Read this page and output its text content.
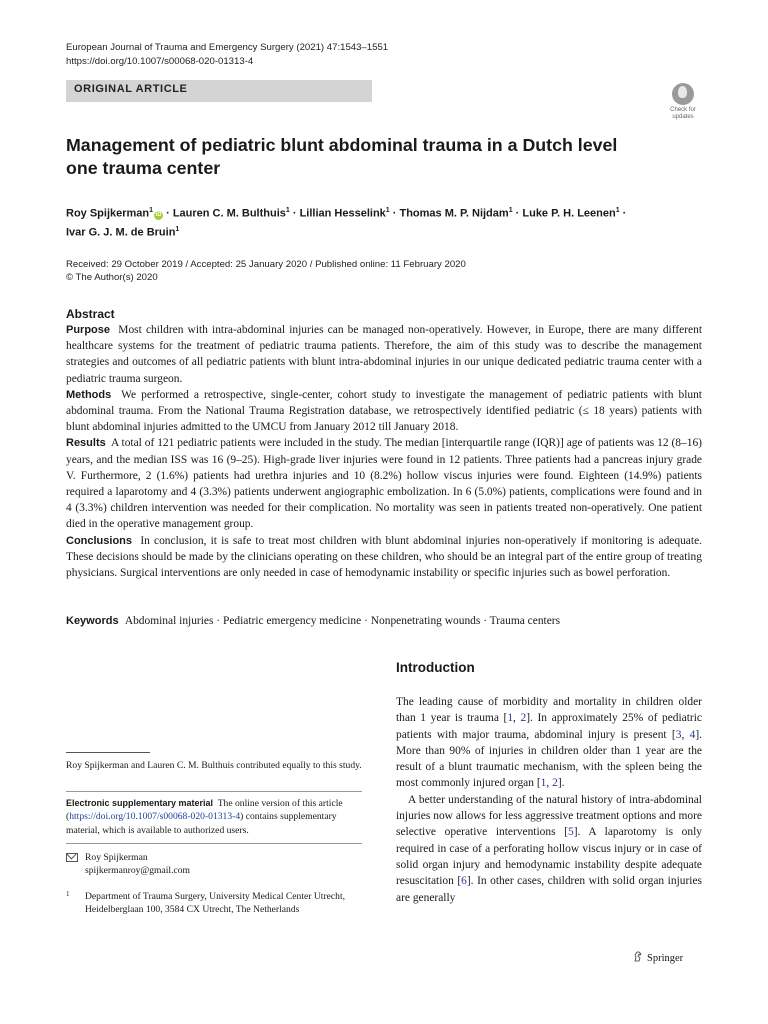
European Journal of Trauma and Emergency Surgery (2021) 47:1543–1551
https://doi.org/10.1007/s00068-020-01313-4
ORIGINAL ARTICLE
Check for
updates
Management of pediatric blunt abdominal trauma in a Dutch level
one trauma center
Roy Spijkerman$^1$iD · Lauren C. M. Bulthuis$^1$ · Lillian Hesselink$^1$ · Thomas M. P. Nijdam$^1$ · Luke P. H. Leenen$^1$ ·
Ivar G. J. M. de Bruin$^1$
Received: 29 October 2019 / Accepted: 25 January 2020 / Published online: 11 February 2020
© The Author(s) 2020
Abstract

Purpose Most children with intra-abdominal injuries can be managed non-operatively. However, in Europe, there are many different healthcare systems for the treatment of pediatric trauma patients. Therefore, the aim of this study was to describe the management strategies and outcomes of all pediatric patients with blunt intra-abdominal injuries in our unique dedicated pediatric trauma center with a pediatric trauma surgeon.

Methods We performed a retrospective, single-center, cohort study to investigate the management of pediatric patients with blunt abdominal trauma. From the National Trauma Registration database, we retrospectively identified pediatric (≤ 18 years) patients with blunt abdominal injuries admitted to the UMCU from January 2012 till January 2018.

Results A total of 121 pediatric patients were included in the study. The median [interquartile range (IQR)] age of patients was 12 (8–16) years, and the median ISS was 16 (9–25). High-grade liver injuries were found in 12 patients. Three patients had a pancreas injury grade V. Furthermore, 2 (1.6%) patients had urethra injuries and 10 (8.2%) hollow viscus injuries were found. Eighteen (14.9%) patients required a laparotomy and 4 (3.3%) patients underwent angiographic embolization. In 6 (5.0%) patients, complications were found and in 4 (3.3%) children intervention was needed for their complication. No mortality was seen in patients treated non-operatively. One patient died in the operative management group.

Conclusions In conclusion, it is safe to treat most children with blunt abdominal injuries non-operatively if monitoring is adequate. These decisions should be made by the clinicians operating on these children, who should be an integral part of the entire group of treating physicians. Surgical interventions are only needed in case of hemodynamic instability or specific injuries such as bowel perforation.

Keywords Abdominal injuries · Pediatric emergency medicine · Nonpenetrating wounds · Trauma centers
Introduction

The leading cause of morbidity and mortality in children older than 1 year is trauma [1, 2]. In approximately 25% of pediatric patients with major trauma, abdominal injury is present [3, 4]. More than 90% of injuries in children older than 1 year are the result of a blunt traumatic mechanism, with the spleen being the most commonly injured organ [1, 2].

A better understanding of the natural history of intra-abdominal injuries now allows for less aggressive treatment options and more selective operative interventions [5]. A laparotomy is only required in case of a perforating hollow viscus injury or in case of solid organ injury and hemodynamic instability despite adequate resuscitation [6]. In other cases, children with solid organ injuries are generally

Roy Spijkerman and Lauren C. M. Bulthuis contributed equally to this study.
Electronic supplementary material The online version of this article (https://doi.org/10.1007/s00068-020-01313-4) contains supplementary material, which is available to authorized users.
Roy Spijkerman
spijkermanroy@gmail.com
1 Department of Trauma Surgery, University Medical Center Utrecht, Heidelberglaan 100, 3584 CX Utrecht, The Netherlands
Springer
